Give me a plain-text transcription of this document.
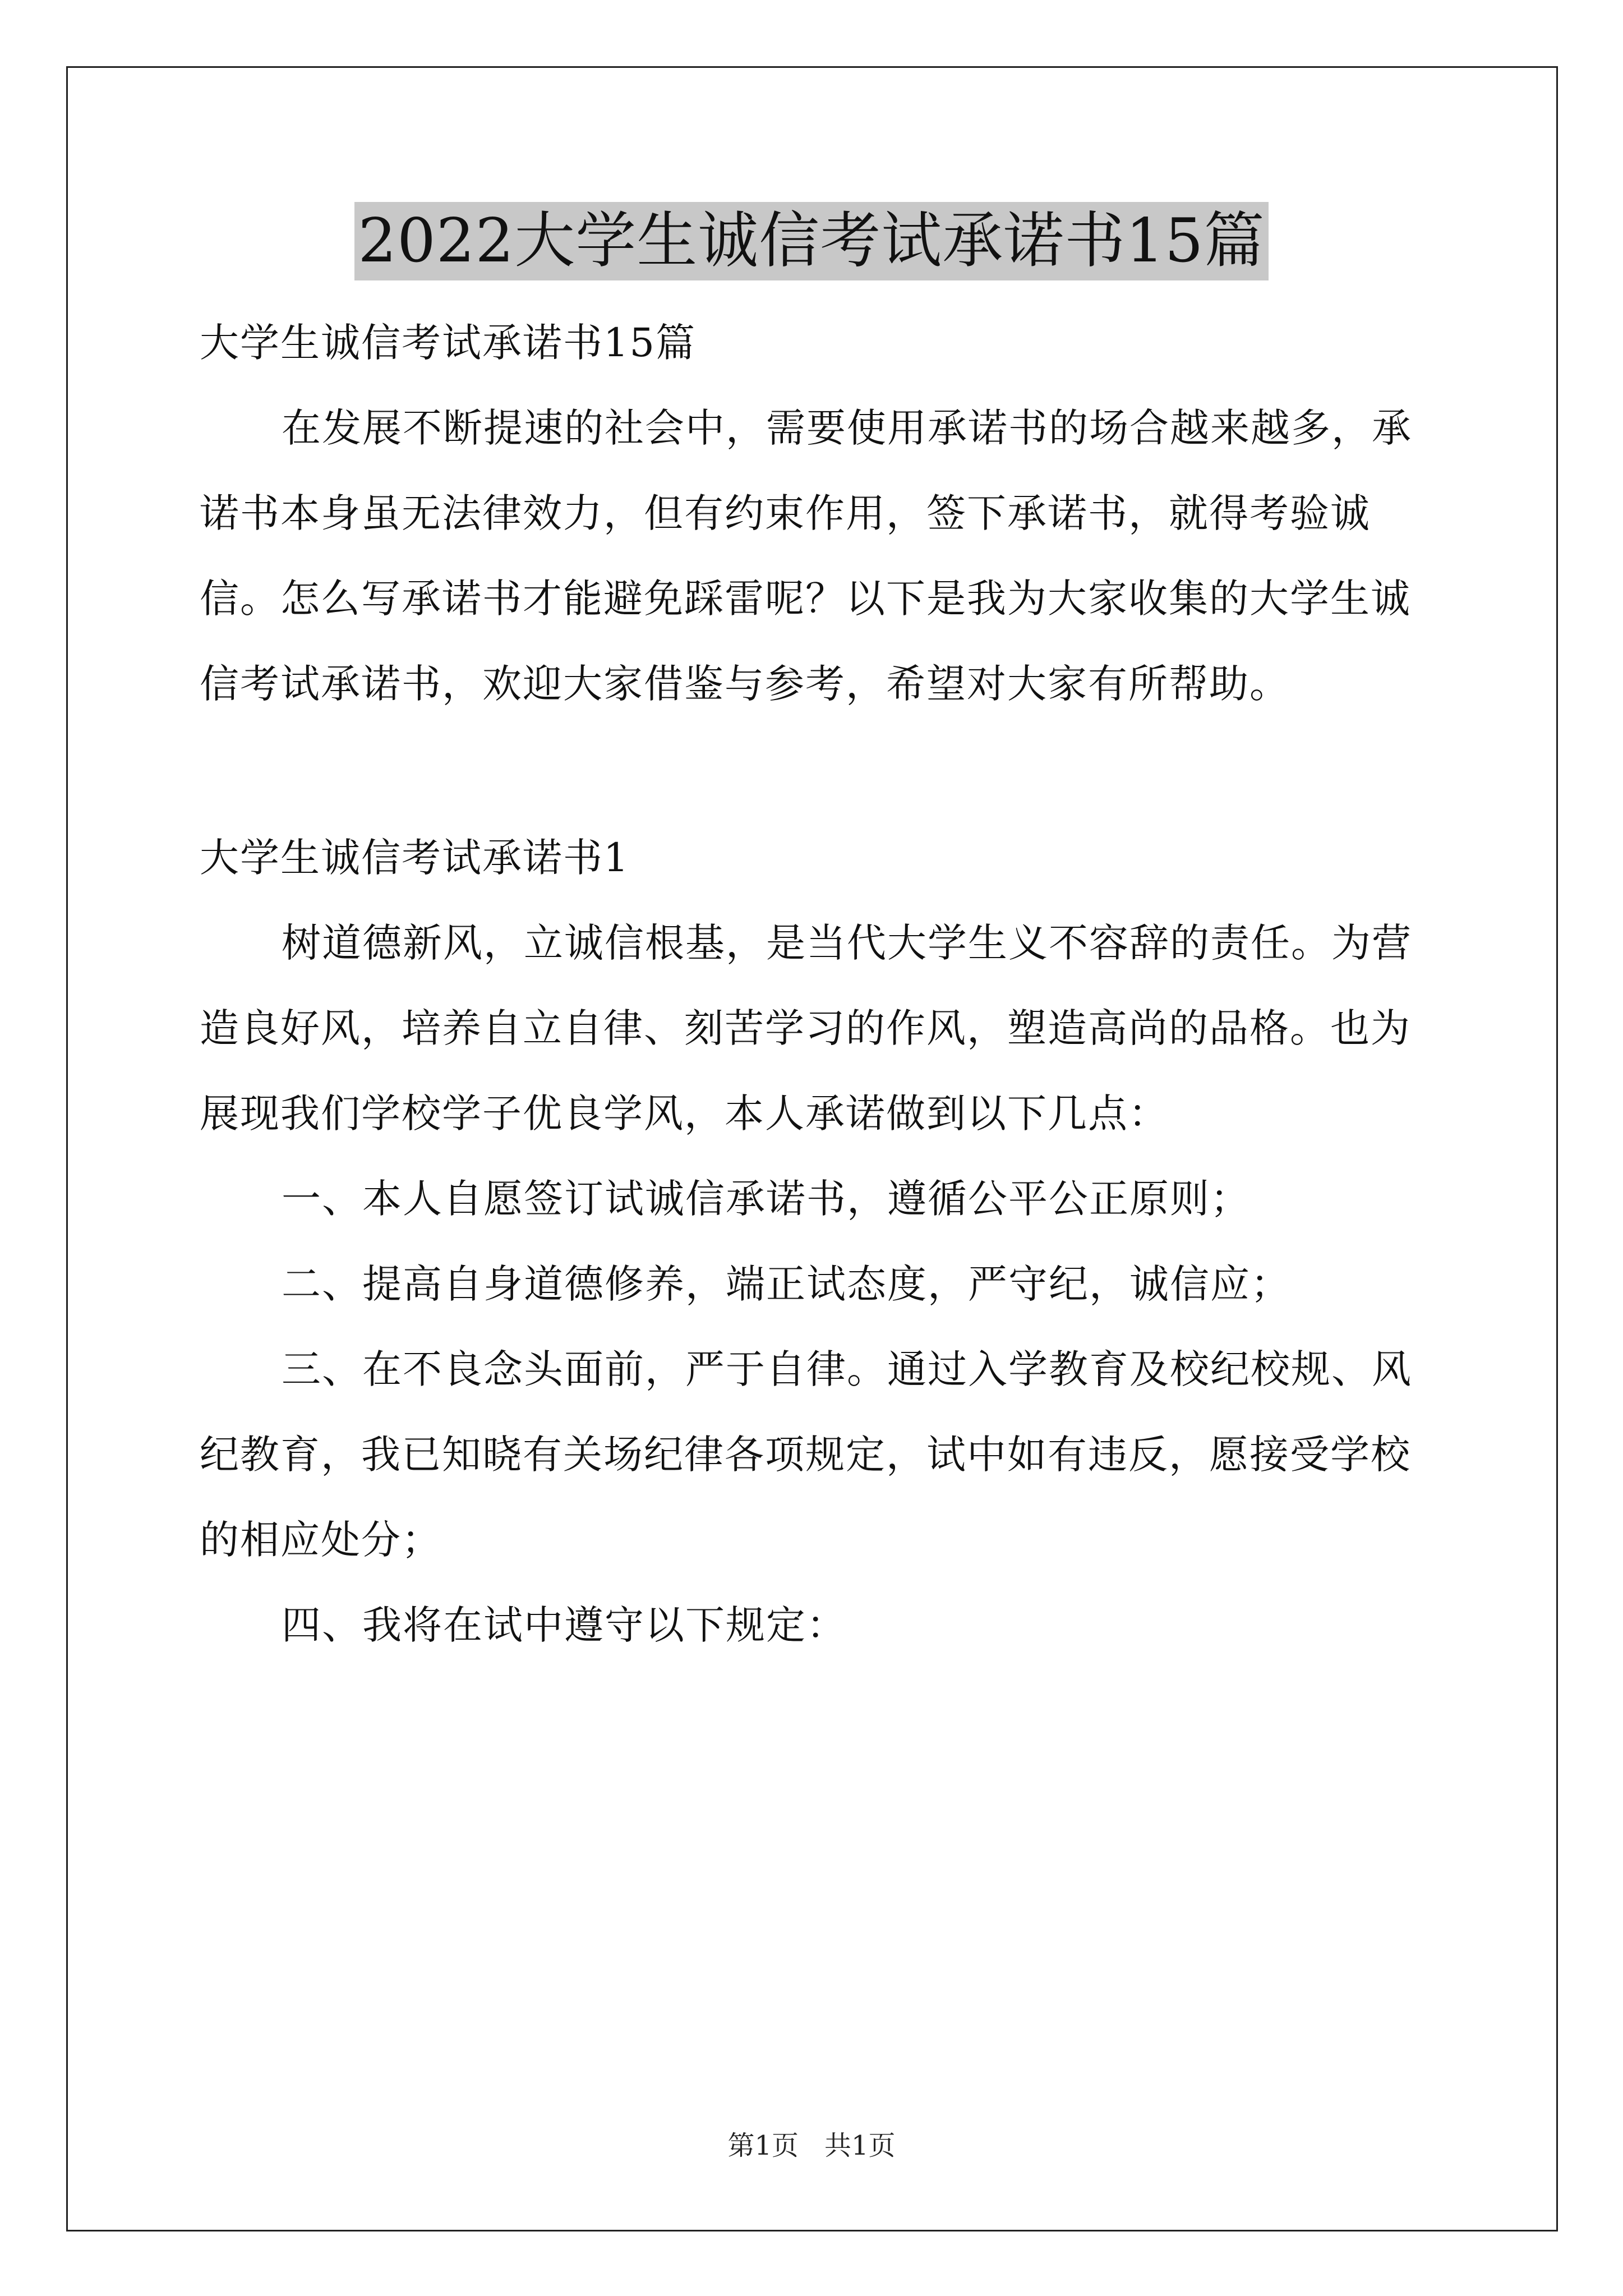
2022大学生诚信考试承诺书15篇

大学生诚信考试承诺书15篇

在发展不断提速的社会中，需要使用承诺书的场合越来越多，承诺书本身虽无法律效力，但有约束作用，签下承诺书，就得考验诚信。怎么写承诺书才能避免踩雷呢？以下是我为大家收集的大学生诚信考试承诺书，欢迎大家借鉴与参考，希望对大家有所帮助。

大学生诚信考试承诺书1

树道德新风，立诚信根基，是当代大学生义不容辞的责任。为营造良好风，培养自立自律、刻苦学习的作风，塑造高尚的品格。也为展现我们学校学子优良学风，本人承诺做到以下几点：

一、本人自愿签订试诚信承诺书，遵循公平公正原则；

二、提高自身道德修养，端正试态度，严守纪，诚信应；

三、在不良念头面前，严于自律。通过入学教育及校纪校规、风纪教育，我已知晓有关场纪律各项规定，试中如有违反，愿接受学校的相应处分；

四、我将在试中遵守以下规定：

第1页 共1页
